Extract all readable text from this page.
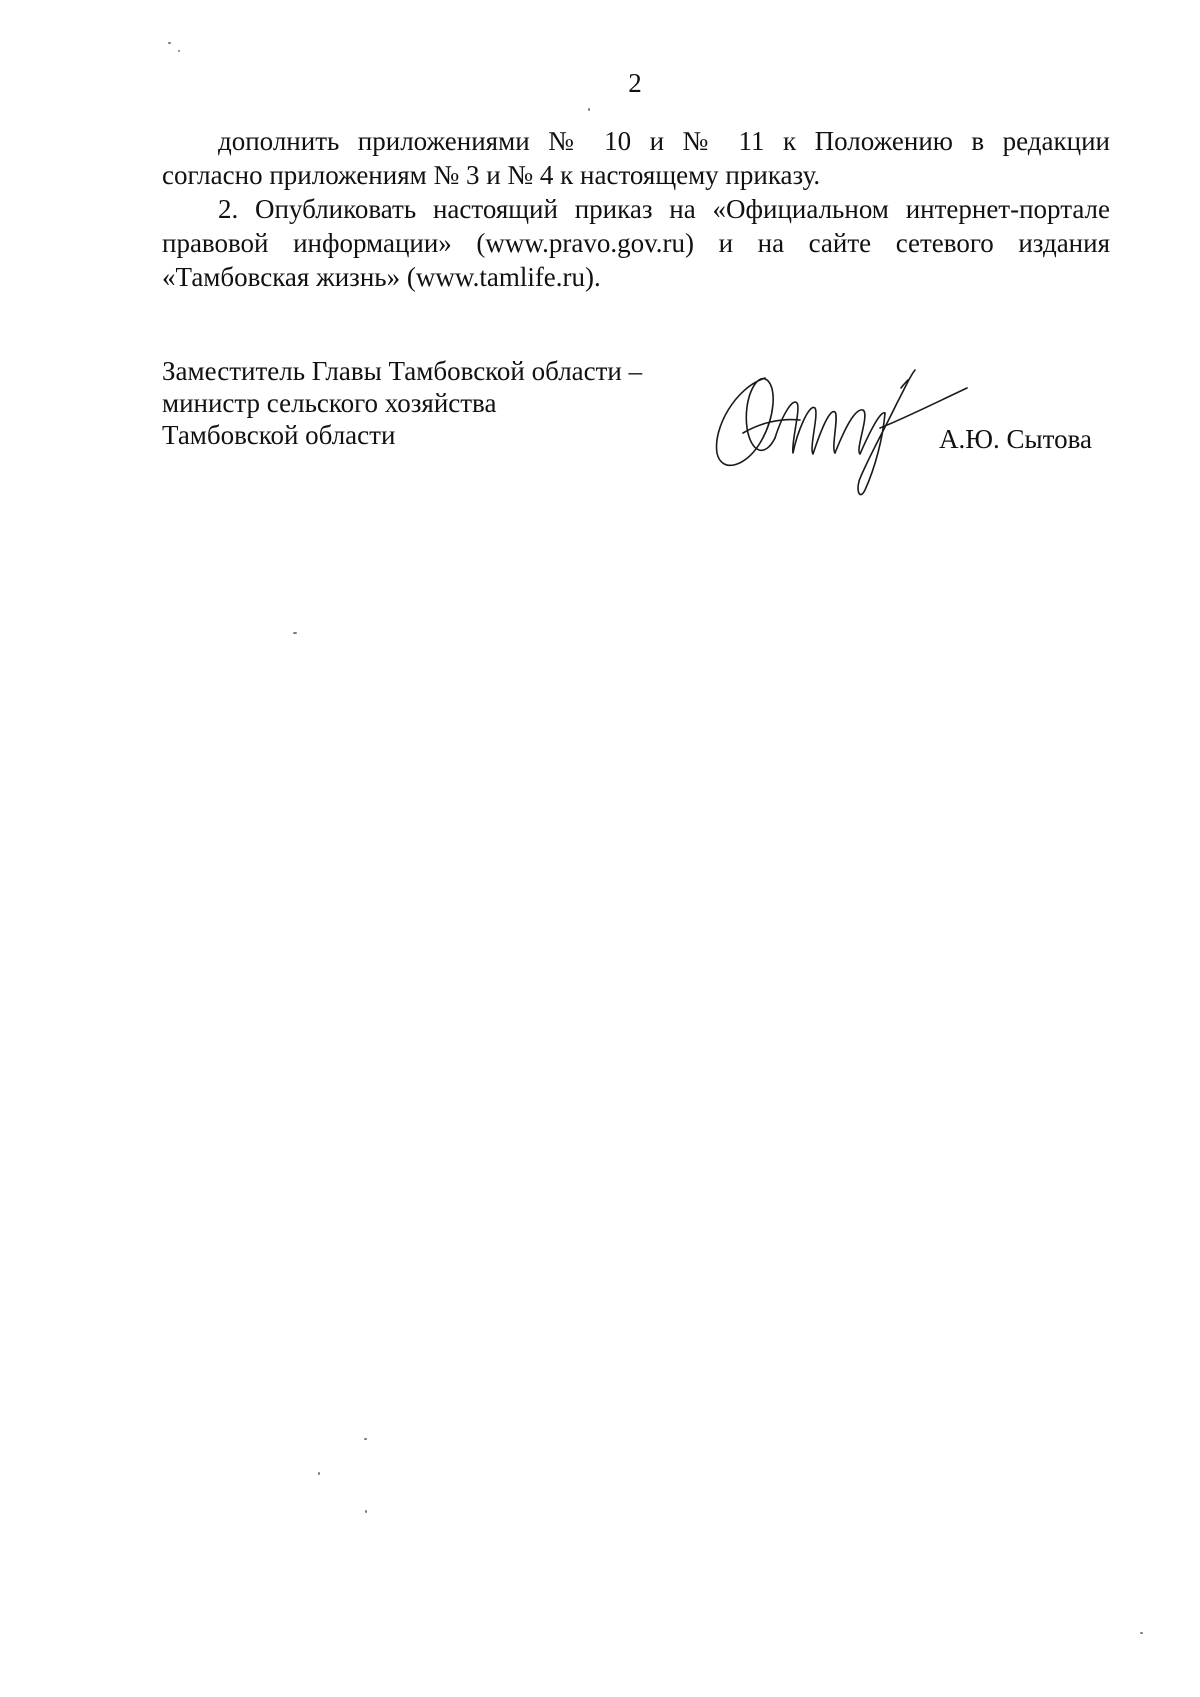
2
дополнить приложениями № 10 и № 11 к Положению в редакции
согласно приложениям № 3 и № 4 к настоящему приказу.
2. Опубликовать настоящий приказ на «Официальном интернет-портале
правовой информации» (www.pravo.gov.ru) и на сайте сетевого издания
«Тамбовская жизнь» (www.tamlife.ru).
Заместитель Главы Тамбовской области –
министр сельского хозяйства
Тамбовской области	А.Ю. Сытова
